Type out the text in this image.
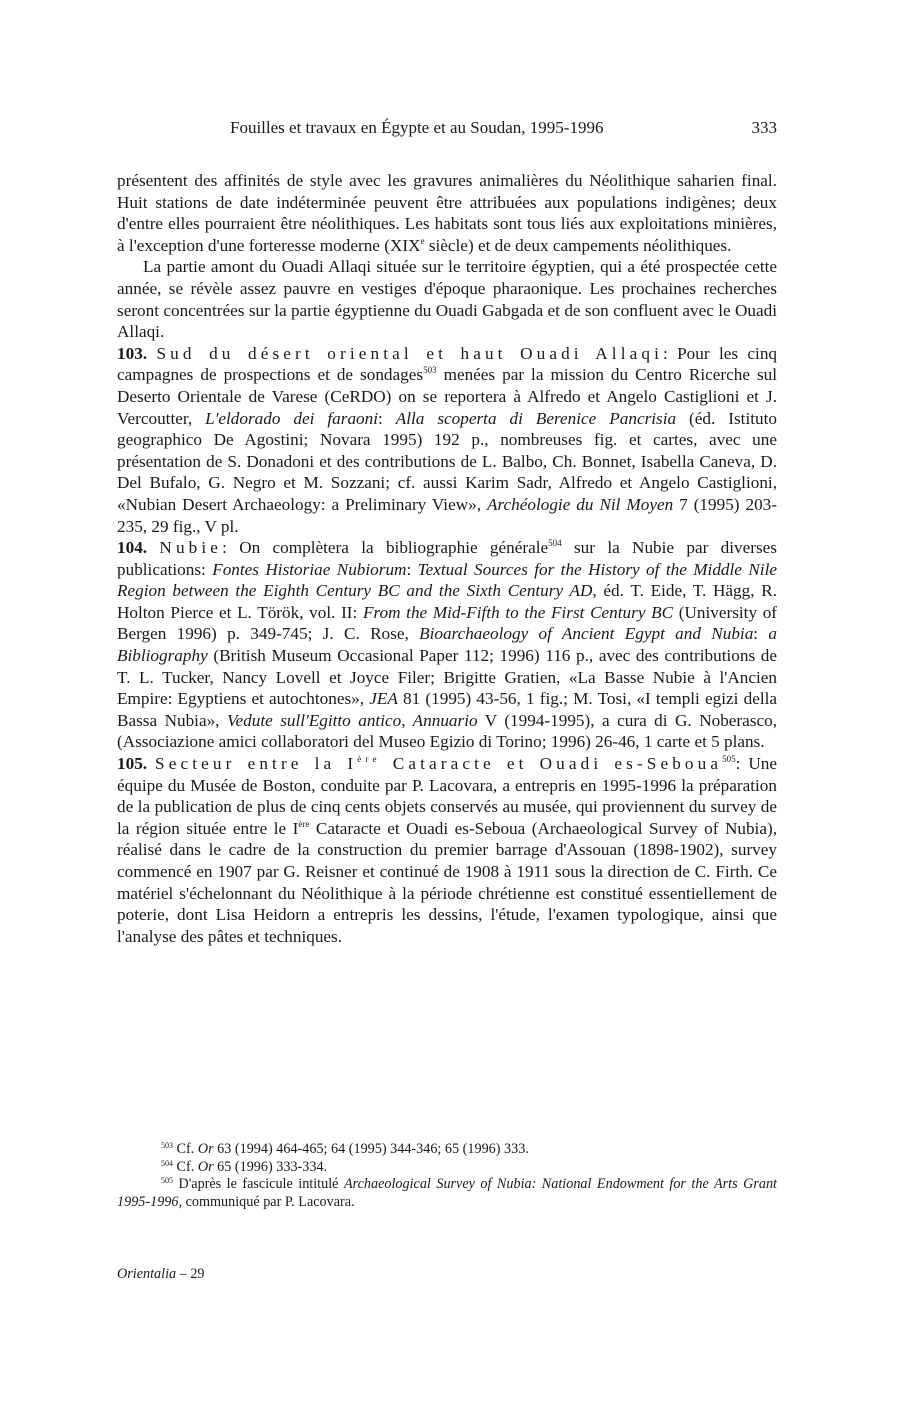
Fouilles et travaux en Égypte et au Soudan, 1995-1996	333

présentent des affinités de style avec les gravures animalières du Néolithique saharien final. Huit stations de date indéterminée peuvent être attribuées aux populations indigènes; deux d'entre elles pourraient être néolithiques. Les habitats sont tous liés aux exploitations minières, à l'exception d'une forteresse moderne (XIXe siècle) et de deux campements néolithiques.

La partie amont du Ouadi Allaqi située sur le territoire égyptien, qui a été prospectée cette année, se révèle assez pauvre en vestiges d'époque pharaonique. Les prochaines recherches seront concentrées sur la partie égyptienne du Ouadi Gabgada et de son confluent avec le Ouadi Allaqi.

103. Sud du désert oriental et haut Ouadi Allaqi: Pour les cinq campagnes de prospections et de sondages$^{503}$ menées par la mission du Centro Ricerche sul Deserto Orientale de Varese (CeRDO) on se reportera à Alfredo et Angelo Castiglioni et J. Vercoutter, L'eldorado dei faraoni: Alla scoperta di Berenice Pancrisia (éd. Istituto geographico De Agostini; Novara 1995) 192 p., nombreuses fig. et cartes, avec une présentation de S. Donadoni et des contributions de L. Balbo, Ch. Bonnet, Isabella Caneva, D. Del Bufalo, G. Negro et M. Sozzani; cf. aussi Karim Sadr, Alfredo et Angelo Castiglioni, «Nubian Desert Archaeology: a Preliminary View», Archéologie du Nil Moyen 7 (1995) 203-235, 29 fig., V pl.

104. Nubie: On complètera la bibliographie générale$^{504}$ sur la Nubie par diverses publications: Fontes Historiae Nubiorum: Textual Sources for the History of the Middle Nile Region between the Eighth Century BC and the Sixth Century AD, éd. T. Eide, T. Hägg, R. Holton Pierce et L. Török, vol. II: From the Mid-Fifth to the First Century BC (University of Bergen 1996) p. 349-745; J. C. Rose, Bioarchaeology of Ancient Egypt and Nubia: a Bibliography (British Museum Occasional Paper 112; 1996) 116 p., avec des contributions de T. L. Tucker, Nancy Lovell et Joyce Filer; Brigitte Gratien, «La Basse Nubie à l'Ancien Empire: Egyptiens et autochtones», JEA 81 (1995) 43-56, 1 fig.; M. Tosi, «I templi egizi della Bassa Nubia», Vedute sull'Egitto antico, Annuario V (1994-1995), a cura di G. Noberasco, (Associazione amici collaboratori del Museo Egizio di Torino; 1996) 26-46, 1 carte et 5 plans.

105. Secteur entre la Ière Cataracte et Ouadi es-Seboua$^{505}$: Une équipe du Musée de Boston, conduite par P. Lacovara, a entrepris en 1995-1996 la préparation de la publication de plus de cinq cents objets conservés au musée, qui proviennent du survey de la région située entre le Ière Cataracte et Ouadi es-Seboua (Archaeological Survey of Nubia), réalisé dans le cadre de la construction du premier barrage d'Assouan (1898-1902), survey commencé en 1907 par G. Reisner et continué de 1908 à 1911 sous la direction de C. Firth. Ce matériel s'échelonnant du Néolithique à la période chrétienne est constitué essentiellement de poterie, dont Lisa Heidorn a entrepris les dessins, l'étude, l'examen typologique, ainsi que l'analyse des pâtes et techniques.

$^{503}$ Cf. Or 63 (1994) 464-465; 64 (1995) 344-346; 65 (1996) 333.

$^{504}$ Cf. Or 65 (1996) 333-334.

$^{505}$ D'après le fascicule intitulé Archaeological Survey of Nubia: National Endowment for the Arts Grant 1995-1996, communiqué par P. Lacovara.

Orientalia – 29
